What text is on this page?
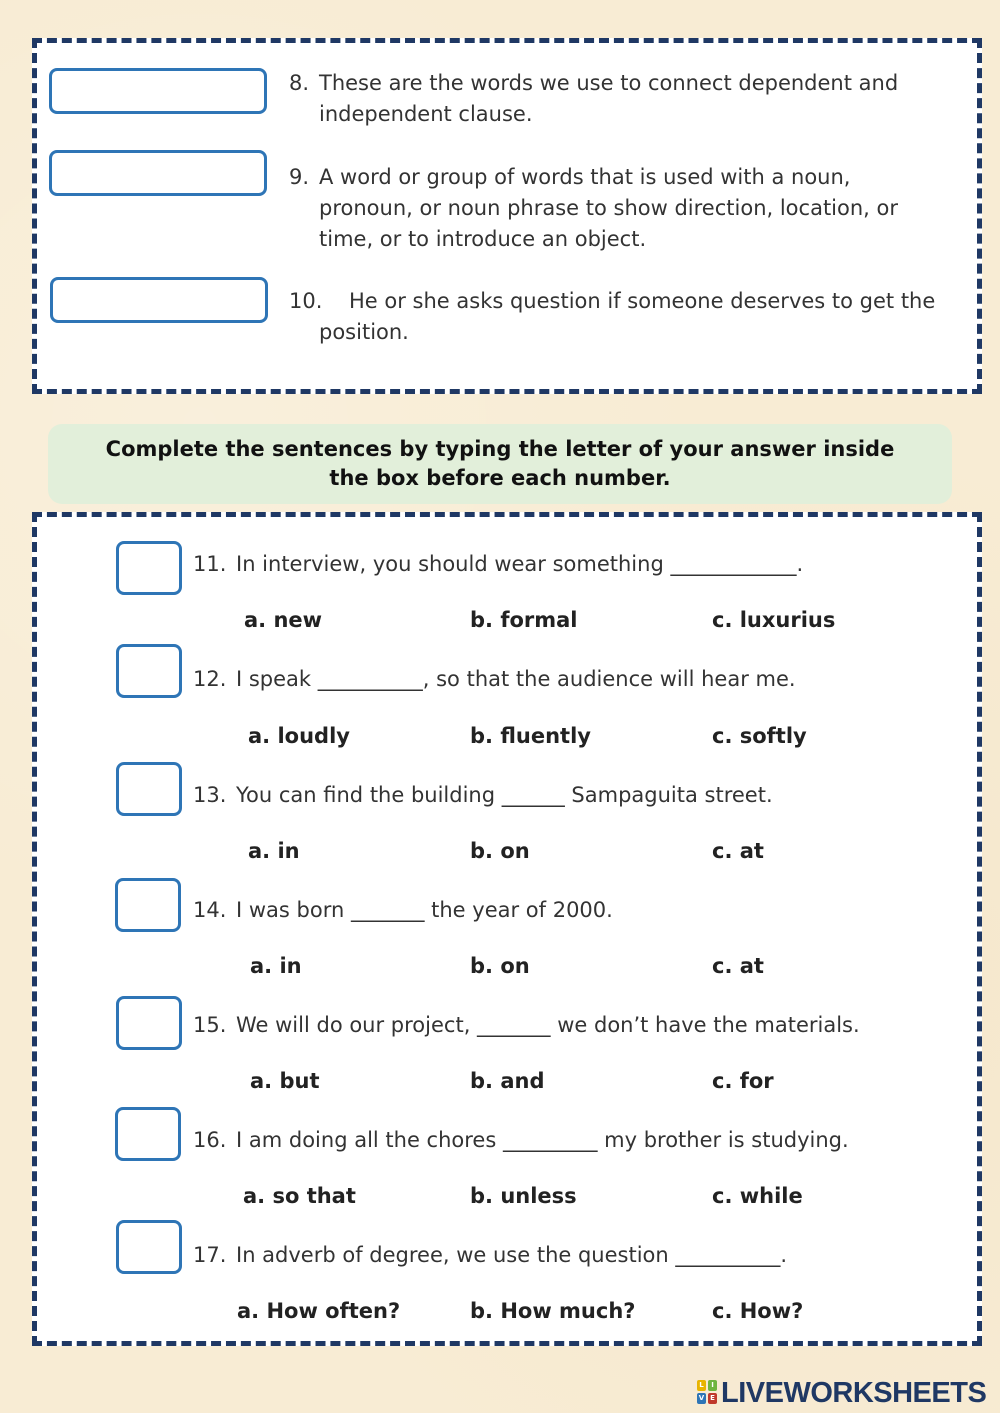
8. These are the words we use to connect dependent and independent clause.
9. A word or group of words that is used with a noun, pronoun, or noun phrase to show direction, location, or time, or to introduce an object.
10.	He or she asks question if someone deserves to get the position.
Complete the sentences by typing the letter of your answer inside the box before each number.
11. In interview, you should wear something ____________.
a. new	b. formal	c. luxurius
12. I speak __________, so that the audience will hear me.
a. loudly	b. fluently	c. softly
13. You can find the building ______ Sampaguita street.
a. in	b. on	c. at
14. I was born _______ the year of 2000.
a. in	b. on	c. at
15. We will do our project, _______ we don’t have the materials.
a. but	b. and	c. for
16. I am doing all the chores _________ my brother is studying.
a. so that	b. unless	c. while
17. In adverb of degree, we use the question __________.
a. How often?	b. How much?	c. How?
L	I
V E LIVEWORKSHEETS
